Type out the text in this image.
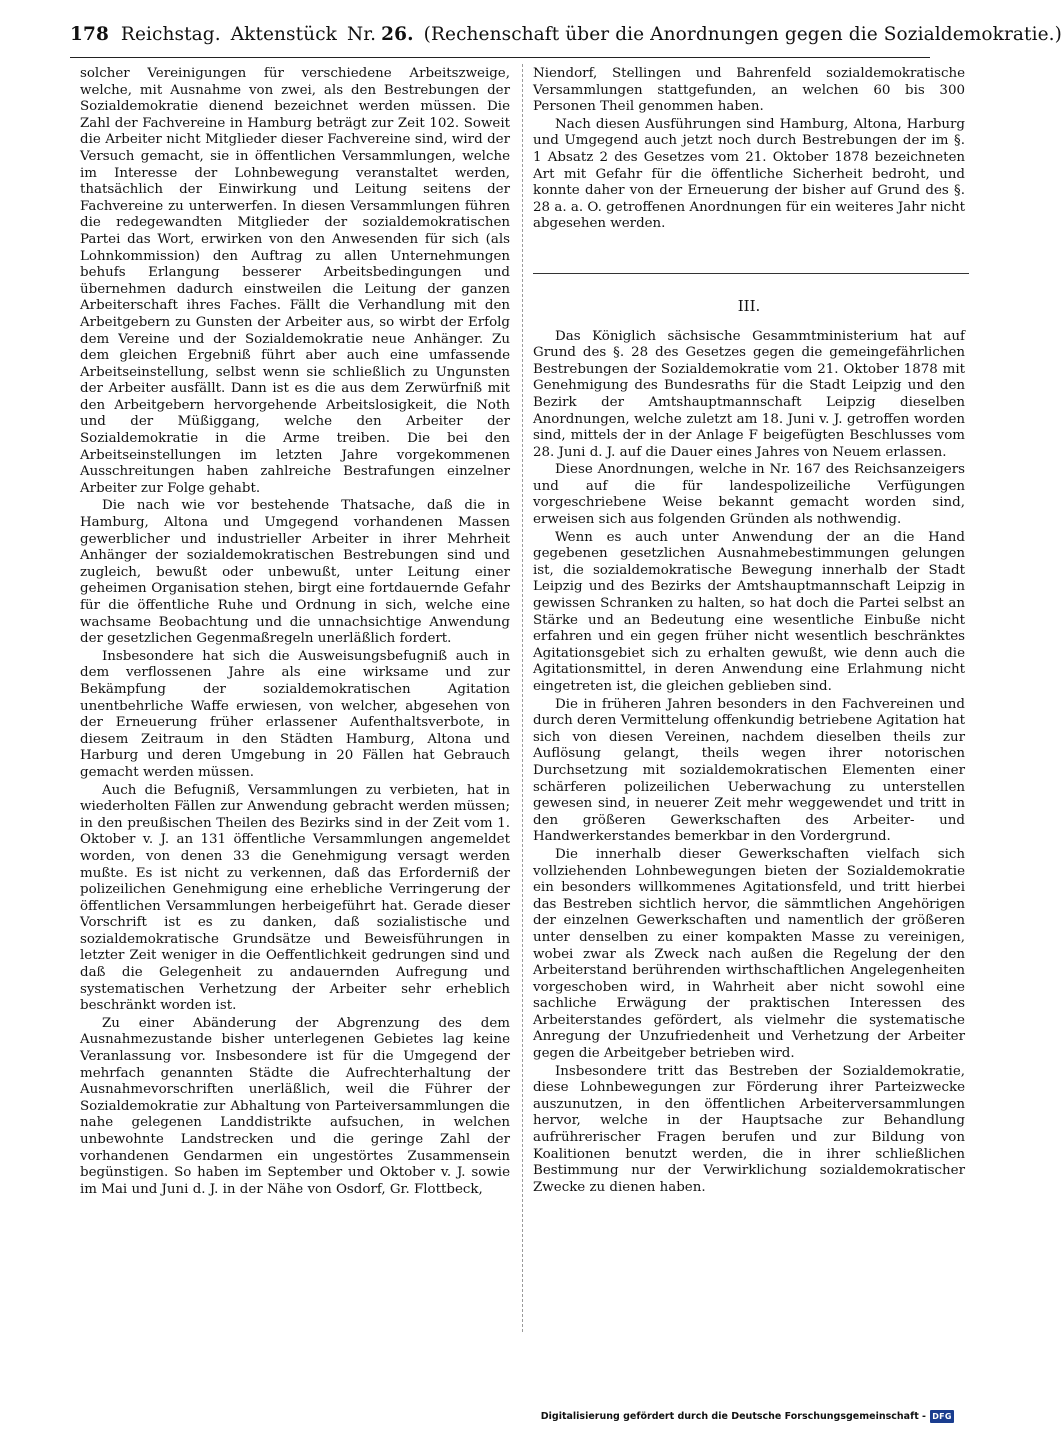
178 Reichstag. Aktenstück Nr. 26. (Rechenschaft über die Anordnungen gegen die Sozialdemokratie.)

solcher Vereinigungen für verschiedene Arbeitszweige, welche, mit Ausnahme von zwei, als den Bestrebungen der Sozialdemokratie dienend bezeichnet werden müssen. Die Zahl der Fachvereine in Hamburg beträgt zur Zeit 102. Soweit die Arbeiter nicht Mitglieder dieser Fachvereine sind, wird der Versuch gemacht, sie in öffentlichen Versammlungen, welche im Interesse der Lohnbewegung veranstaltet werden, thatsächlich der Einwirkung und Leitung seitens der Fachvereine zu unterwerfen. In diesen Versammlungen führen die redegewandten Mitglieder der sozialdemokratischen Partei das Wort, erwirken von den Anwesenden für sich (als Lohnkommission) den Auftrag zu allen Unternehmungen behufs Erlangung besserer Arbeitsbedingungen und übernehmen dadurch einstweilen die Leitung der ganzen Arbeiterschaft ihres Faches. Fällt die Verhandlung mit den Arbeitgebern zu Gunsten der Arbeiter aus, so wirbt der Erfolg dem Vereine und der Sozialdemokratie neue Anhänger. Zu dem gleichen Ergebniß führt aber auch eine umfassende Arbeitseinstellung, selbst wenn sie schließlich zu Ungunsten der Arbeiter ausfällt. Dann ist es die aus dem Zerwürfniß mit den Arbeitgebern hervorgehende Arbeitslosigkeit, die Noth und der Müßiggang, welche den Arbeiter der Sozialdemokratie in die Arme treiben. Die bei den Arbeitseinstellungen im letzten Jahre vorgekommenen Ausschreitungen haben zahlreiche Bestrafungen einzelner Arbeiter zur Folge gehabt.

Die nach wie vor bestehende Thatsache, daß die in Hamburg, Altona und Umgegend vorhandenen Massen gewerblicher und industrieller Arbeiter in ihrer Mehrheit Anhänger der sozialdemokratischen Bestrebungen sind und zugleich, bewußt oder unbewußt, unter Leitung einer geheimen Organisation stehen, birgt eine fortdauernde Gefahr für die öffentliche Ruhe und Ordnung in sich, welche eine wachsame Beobachtung und die unnachsichtige Anwendung der gesetzlichen Gegenmaßregeln unerläßlich fordert.

Insbesondere hat sich die Ausweisungsbefugniß auch in dem verflossenen Jahre als eine wirksame und zur Bekämpfung der sozialdemokratischen Agitation unentbehrliche Waffe erwiesen, von welcher, abgesehen von der Erneuerung früher erlassener Aufenthaltsverbote, in diesem Zeitraum in den Städten Hamburg, Altona und Harburg und deren Umgebung in 20 Fällen hat Gebrauch gemacht werden müssen.

Auch die Befugniß, Versammlungen zu verbieten, hat in wiederholten Fällen zur Anwendung gebracht werden müssen; in den preußischen Theilen des Bezirks sind in der Zeit vom 1. Oktober v. J. an 131 öffentliche Versammlungen angemeldet worden, von denen 33 die Genehmigung versagt werden mußte. Es ist nicht zu verkennen, daß das Erforderniß der polizeilichen Genehmigung eine erhebliche Verringerung der öffentlichen Versammlungen herbeigeführt hat. Gerade dieser Vorschrift ist es zu danken, daß sozialistische und sozialdemokratische Grundsätze und Beweisführungen in letzter Zeit weniger in die Oeffentlichkeit gedrungen sind und daß die Gelegenheit zu andauernden Aufregung und systematischen Verhetzung der Arbeiter sehr erheblich beschränkt worden ist.

Zu einer Abänderung der Abgrenzung des dem Ausnahmezustande bisher unterlegenen Gebietes lag keine Veranlassung vor. Insbesondere ist für die Umgegend der mehrfach genannten Städte die Aufrechterhaltung der Ausnahmevorschriften unerläßlich, weil die Führer der Sozialdemokratie zur Abhaltung von Parteiversammlungen die nahe gelegenen Landdistrikte aufsuchen, in welchen unbewohnte Landstrecken und die geringe Zahl der vorhandenen Gendarmen ein ungestörtes Zusammensein begünstigen. So haben im September und Oktober v. J. sowie im Mai und Juni d. J. in der Nähe von Osdorf, Gr. Flottbeck,

Niendorf, Stellingen und Bahrenfeld sozialdemokratische Versammlungen stattgefunden, an welchen 60 bis 300 Personen Theil genommen haben.

Nach diesen Ausführungen sind Hamburg, Altona, Harburg und Umgegend auch jetzt noch durch Bestrebungen der im §. 1 Absatz 2 des Gesetzes vom 21. Oktober 1878 bezeichneten Art mit Gefahr für die öffentliche Sicherheit bedroht, und konnte daher von der Erneuerung der bisher auf Grund des §. 28 a. a. O. getroffenen Anordnungen für ein weiteres Jahr nicht abgesehen werden.

III.

Das Königlich sächsische Gesammtministerium hat auf Grund des §. 28 des Gesetzes gegen die gemeingefährlichen Bestrebungen der Sozialdemokratie vom 21. Oktober 1878 mit Genehmigung des Bundesraths für die Stadt Leipzig und den Bezirk der Amtshauptmannschaft Leipzig dieselben Anordnungen, welche zuletzt am 18. Juni v. J. getroffen worden sind, mittels der in der Anlage F beigefügten Beschlusses vom 28. Juni d. J. auf die Dauer eines Jahres von Neuem erlassen.

Diese Anordnungen, welche in Nr. 167 des Reichsanzeigers und auf die für landespolizeiliche Verfügungen vorgeschriebene Weise bekannt gemacht worden sind, erweisen sich aus folgenden Gründen als nothwendig.

Wenn es auch unter Anwendung der an die Hand gegebenen gesetzlichen Ausnahmebestimmungen gelungen ist, die sozialdemokratische Bewegung innerhalb der Stadt Leipzig und des Bezirks der Amtshauptmannschaft Leipzig in gewissen Schranken zu halten, so hat doch die Partei selbst an Stärke und an Bedeutung eine wesentliche Einbuße nicht erfahren und ein gegen früher nicht wesentlich beschränktes Agitationsgebiet sich zu erhalten gewußt, wie denn auch die Agitationsmittel, in deren Anwendung eine Erlahmung nicht eingetreten ist, die gleichen geblieben sind.

Die in früheren Jahren besonders in den Fachvereinen und durch deren Vermittelung offenkundig betriebene Agitation hat sich von diesen Vereinen, nachdem dieselben theils zur Auflösung gelangt, theils wegen ihrer notorischen Durchsetzung mit sozialdemokratischen Elementen einer schärferen polizeilichen Ueberwachung zu unterstellen gewesen sind, in neuerer Zeit mehr weggewendet und tritt in den größeren Gewerkschaften des Arbeiter- und Handwerkerstandes bemerkbar in den Vordergrund.

Die innerhalb dieser Gewerkschaften vielfach sich vollziehenden Lohnbewegungen bieten der Sozialdemokratie ein besonders willkommenes Agitationsfeld, und tritt hierbei das Bestreben sichtlich hervor, die sämmtlichen Angehörigen der einzelnen Gewerkschaften und namentlich der größeren unter denselben zu einer kompakten Masse zu vereinigen, wobei zwar als Zweck nach außen die Regelung der den Arbeiterstand berührenden wirthschaftlichen Angelegenheiten vorgeschoben wird, in Wahrheit aber nicht sowohl eine sachliche Erwägung der praktischen Interessen des Arbeiterstandes gefördert, als vielmehr die systematische Anregung der Unzufriedenheit und Verhetzung der Arbeiter gegen die Arbeitgeber betrieben wird.

Insbesondere tritt das Bestreben der Sozialdemokratie, diese Lohnbewegungen zur Förderung ihrer Parteizwecke auszunutzen, in den öffentlichen Arbeiterversammlungen hervor, welche in der Hauptsache zur Behandlung aufrührerischer Fragen berufen und zur Bildung von Koalitionen benutzt werden, die in ihrer schließlichen Bestimmung nur der Verwirklichung sozialdemokratischer Zwecke zu dienen haben.

Digitalisierung gefördert durch die Deutsche Forschungsgemeinschaft - DFG
